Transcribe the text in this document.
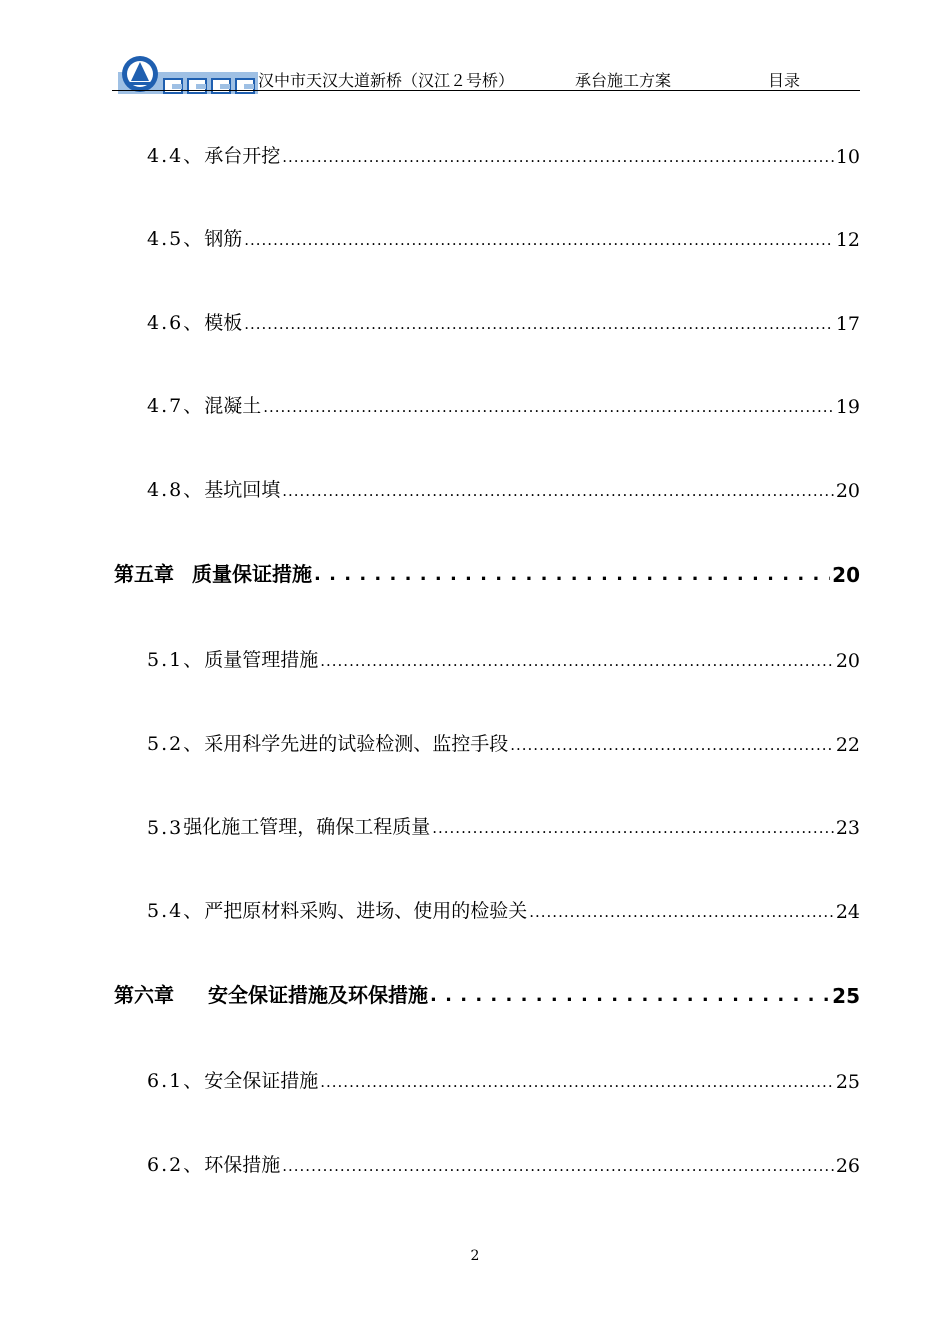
汉中市天汉大道新桥（汉江２号桥）	承台施工方案	目录
4.4、 承台开挖 .....	10
4.5、 钢筋 .....	12
4.6、 模板 .....	17
4.7、 混凝土 .....	19
4.8、 基坑回填 .....	20
第五章 质量保证措施 . . .	20
5.1、 质量管理措施 .....	20
5.2、 采用科学先进的试验检测、监控手段 .....	22
5.3 强化施工管理，确保工程质量 .....	23
5.4、 严把原材料采购、进场、使用的检验关 .....	24
第六章 安全保证措施及环保措施 . . .	25
6.1、 安全保证措施 .....	25
6.2、 环保措施 .....	26
2
